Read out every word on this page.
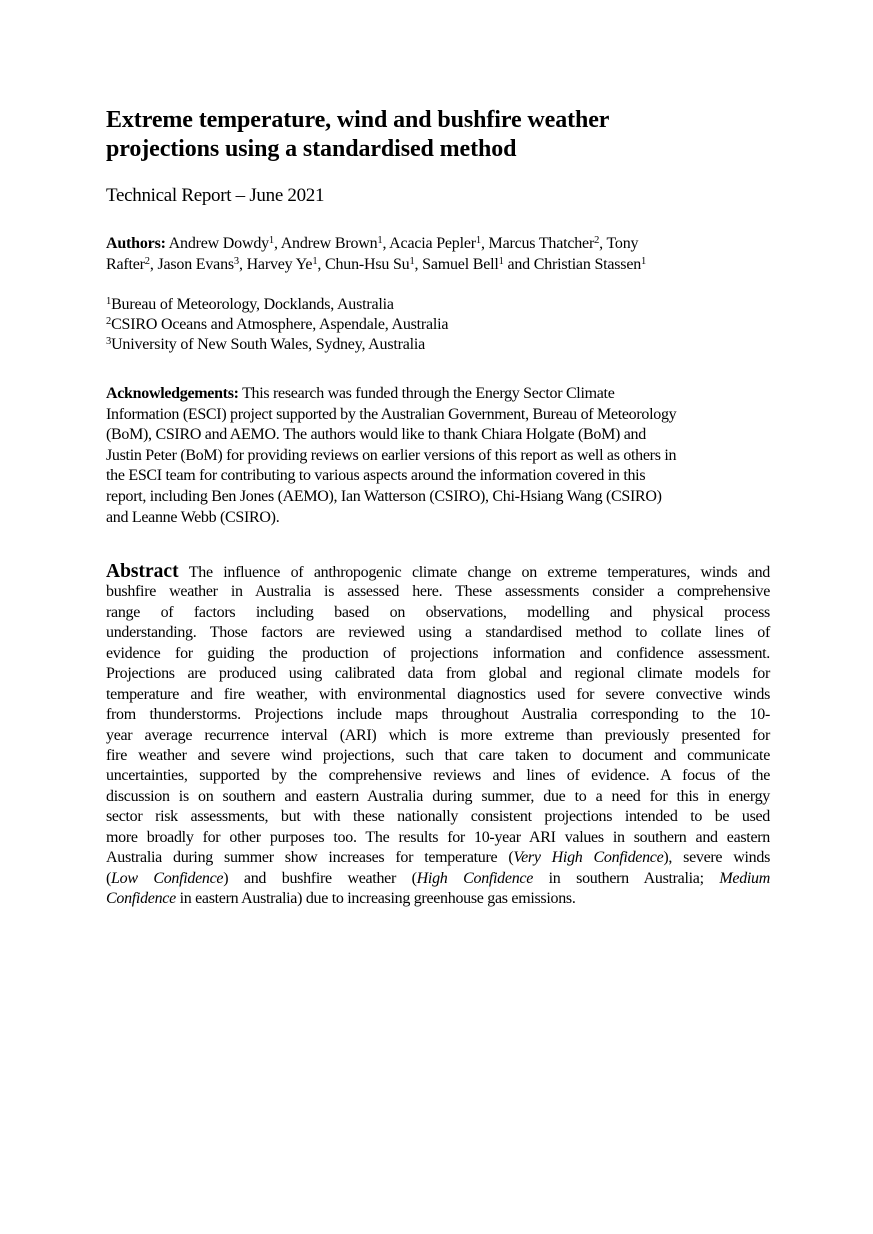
Extreme temperature, wind and bushfire weather
projections using a standardised method

Technical Report – June 2021

Authors: Andrew Dowdy$^1$, Andrew Brown$^1$, Acacia Pepler$^1$, Marcus Thatcher$^2$, Tony
Rafter$^2$, Jason Evans$^3$, Harvey Ye$^1$, Chun-Hsu Su$^1$, Samuel Bell$^1$ and Christian Stassen$^1$
$^1$Bureau of Meteorology, Docklands, Australia
$^2$CSIRO Oceans and Atmosphere, Aspendale, Australia
$^3$University of New South Wales, Sydney, Australia
Acknowledgements: This research was funded through the Energy Sector Climate
Information (ESCI) project supported by the Australian Government, Bureau of Meteorology
(BoM), CSIRO and AEMO. The authors would like to thank Chiara Holgate (BoM) and
Justin Peter (BoM) for providing reviews on earlier versions of this report as well as others in
the ESCI team for contributing to various aspects around the information covered in this
report, including Ben Jones (AEMO), Ian Watterson (CSIRO), Chi-Hsiang Wang (CSIRO)
and Leanne Webb (CSIRO).
Abstract The influence of anthropogenic climate change on extreme temperatures, winds and
bushfire weather in Australia is assessed here. These assessments consider a comprehensive
range of factors including based on observations, modelling and physical process
understanding. Those factors are reviewed using a standardised method to collate lines of
evidence for guiding the production of projections information and confidence assessment.
Projections are produced using calibrated data from global and regional climate models for
temperature and fire weather, with environmental diagnostics used for severe convective winds
from thunderstorms. Projections include maps throughout Australia corresponding to the 10-
year average recurrence interval (ARI) which is more extreme than previously presented for
fire weather and severe wind projections, such that care taken to document and communicate
uncertainties, supported by the comprehensive reviews and lines of evidence. A focus of the
discussion is on southern and eastern Australia during summer, due to a need for this in energy
sector risk assessments, but with these nationally consistent projections intended to be used
more broadly for other purposes too. The results for 10-year ARI values in southern and eastern
Australia during summer show increases for temperature (Very High Confidence), severe winds
(Low Confidence) and bushfire weather (High Confidence in southern Australia; Medium
Confidence in eastern Australia) due to increasing greenhouse gas emissions.
